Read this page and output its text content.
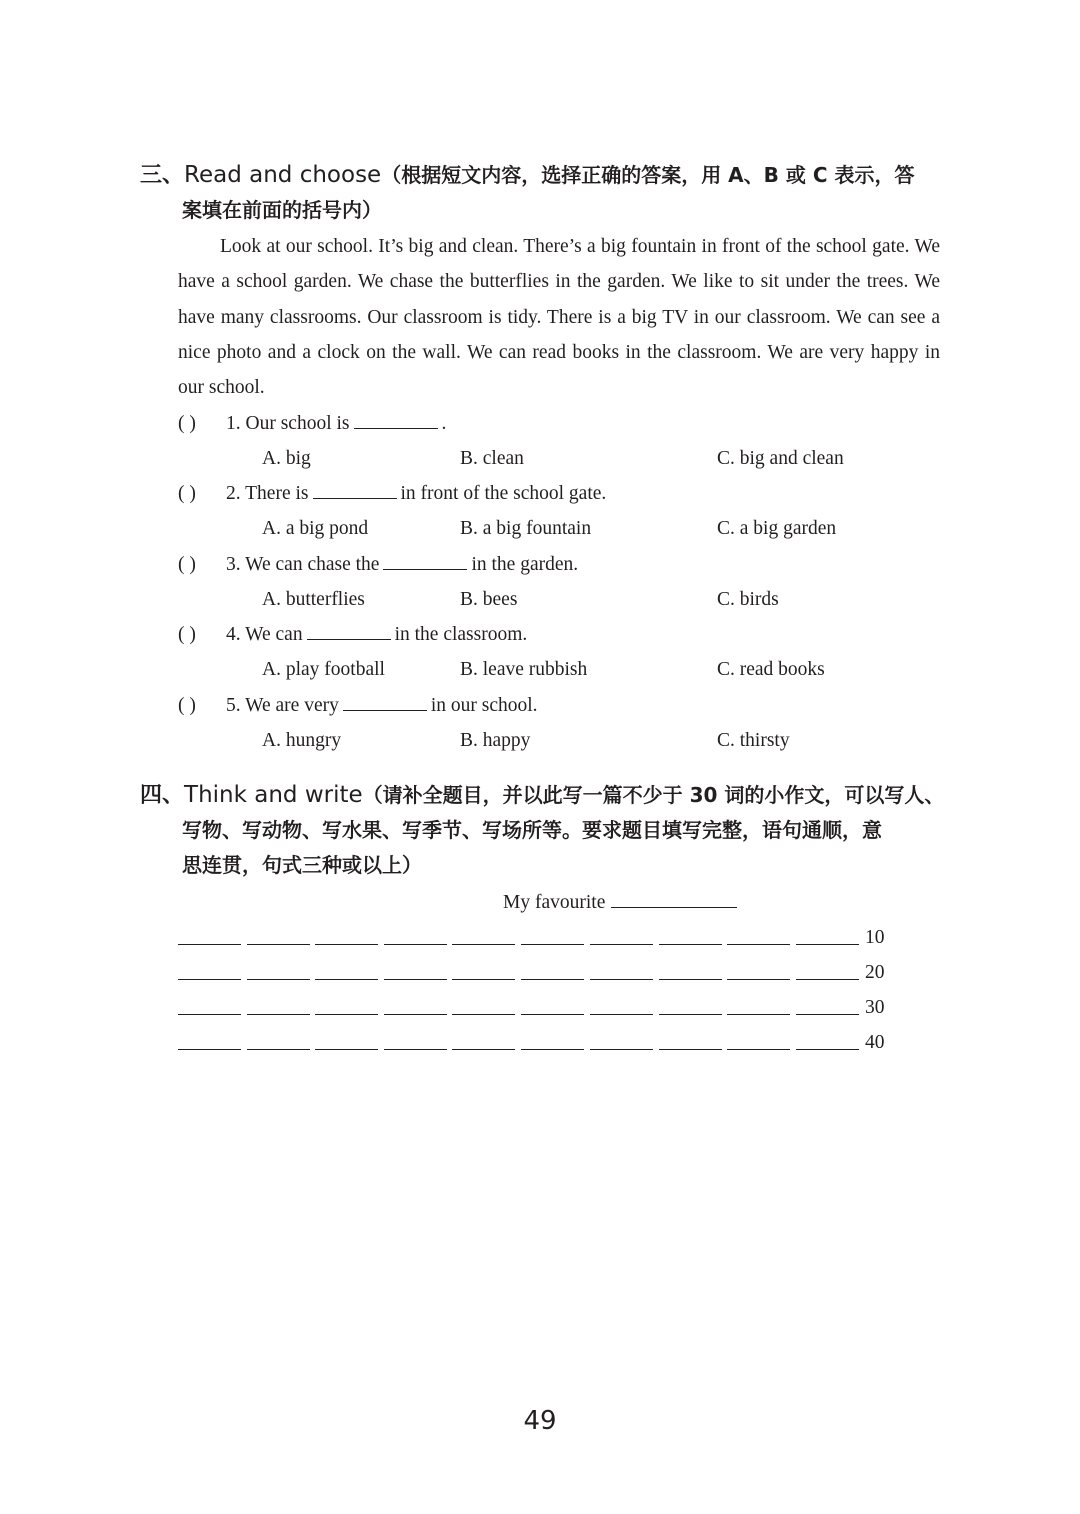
三、Read and choose（根据短文内容，选择正确的答案，用 A、B 或 C 表示，答
案填在前面的括号内）
Look at our school. It’s big and clean. There’s a big fountain in front of the school gate. We have a school garden. We chase the butterflies in the garden. We like to sit under the trees. We have many classrooms. Our classroom is tidy. There is a big TV in our classroom. We can see a nice photo and a clock on the wall. We can read books in the classroom. We are very happy in our school.
( ) 1. Our school is	.
A. big	B. clean	C. big and clean
( ) 2. There is	in front of the school gate.
A. a big pond	B. a big fountain	C. a big garden
( ) 3. We can chase the	in the garden.
A. butterflies	B. bees	C. birds
( ) 4. We can	in the classroom.
A. play football	B. leave rubbish	C. read books
( ) 5. We are very	in our school.
A. hungry	B. happy	C. thirsty
四、Think and write（请补全题目，并以此写一篇不少于 30 词的小作文，可以写人、
写物、写动物、写水果、写季节、写场所等。要求题目填写完整，语句通顺，意
思连贯，句式三种或以上）
My favourite
10
20
30
40
49
